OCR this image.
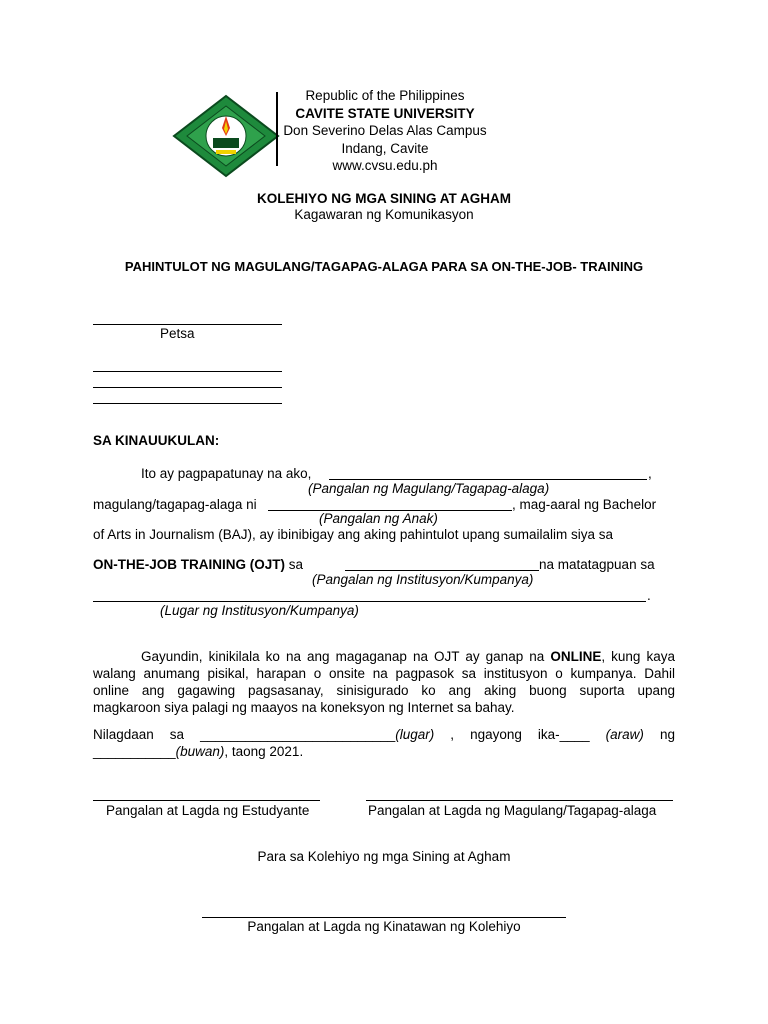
Republic of the Philippines
CAVITE STATE UNIVERSITY
Don Severino Delas Alas Campus
Indang, Cavite
www.cvsu.edu.ph
KOLEHIYO NG MGA SINING AT AGHAM
Kagawaran ng Komunikasyon
PAHINTULOT NG MAGULANG/TAGAPAG-ALAGA PARA SA ON-THE-JOB- TRAINING
Petsa
SA KINAUUKULAN:
Ito ay pagpapatunay na ako,	,
(Pangalan ng Magulang/Tagapag-alaga)
magulang/tagapag-alaga ni	, mag-aaral ng Bachelor
(Pangalan ng Anak)
of Arts in Journalism (BAJ), ay ibinibigay ang aking pahintulot upang sumailalim siya sa
ON-THE-JOB TRAINING (OJT) sa	na matatagpuan sa
(Pangalan ng Institusyon/Kumpanya)
.
(Lugar ng Institusyon/Kumpanya)
Gayundin, kinikilala ko na ang magaganap na OJT ay ganap na ONLINE, kung kaya
walang anumang pisikal, harapan o onsite na pagpasok sa institusyon o kumpanya. Dahil
online ang gagawing pagsasanay, sinisigurado ko ang aking buong suporta upang
magkaroon siya palagi ng maayos na koneksyon ng Internet sa bahay.
Nilagdaan sa __________________________(lugar) , ngayong ika-____ (araw) ng
___________(buwan), taong 2021.
Pangalan at Lagda ng Estudyante	Pangalan at Lagda ng Magulang/Tagapag-alaga
Para sa Kolehiyo ng mga Sining at Agham
Pangalan at Lagda ng Kinatawan ng Kolehiyo
